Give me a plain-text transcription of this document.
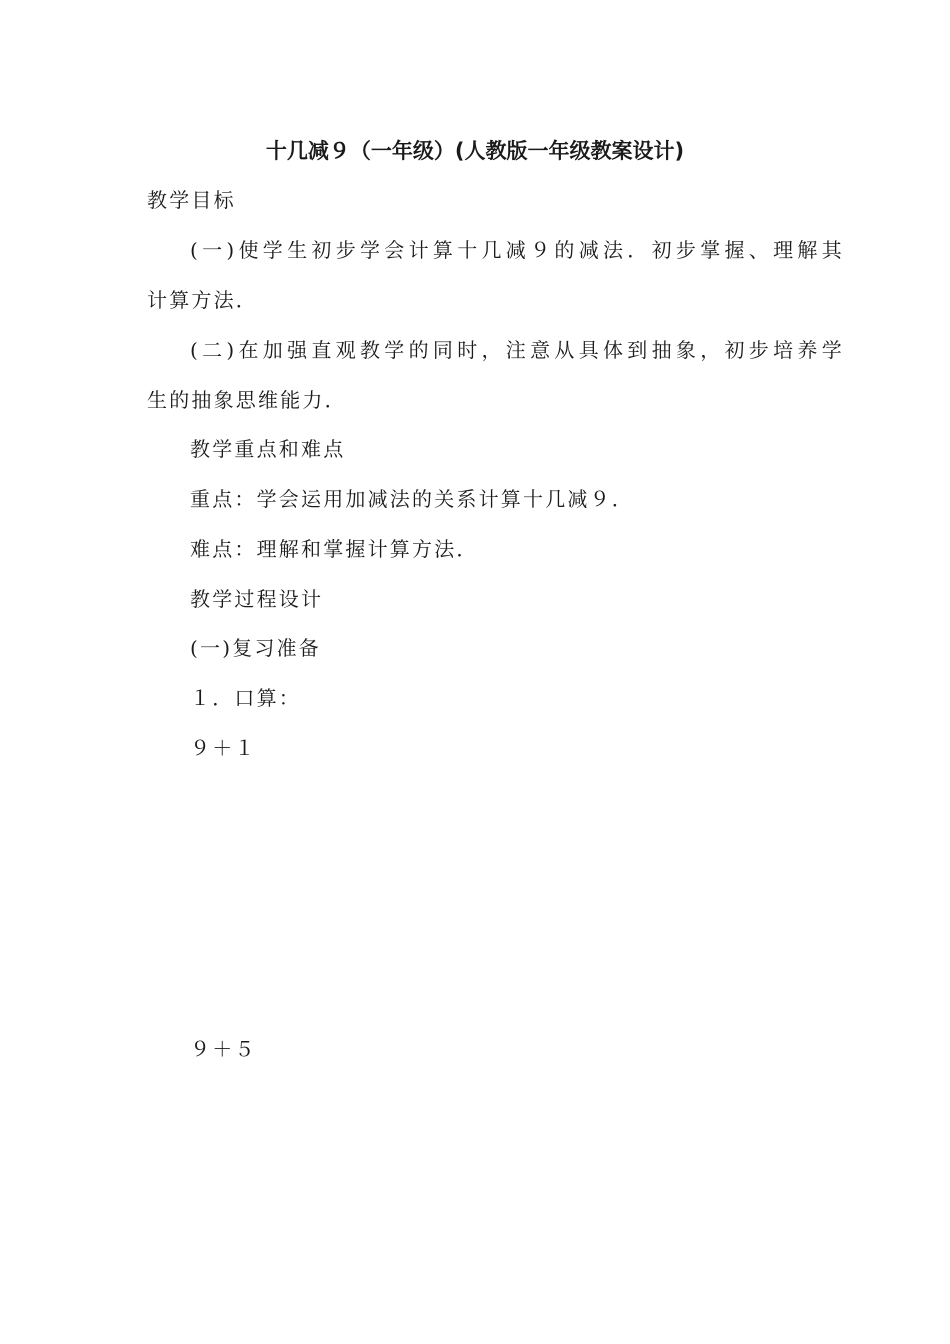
十几减９（一年级）(人教版一年级教案设计)
教学目标
(一)使学生初步学会计算十几减９的减法．初步掌握、理解其
计算方法．
(二)在加强直观教学的同时，注意从具体到抽象，初步培养学
生的抽象思维能力．
教学重点和难点
重点：学会运用加减法的关系计算十几减９．
难点：理解和掌握计算方法．
教学过程设计
(一)复习准备
１．口算：
９＋１
９＋５
